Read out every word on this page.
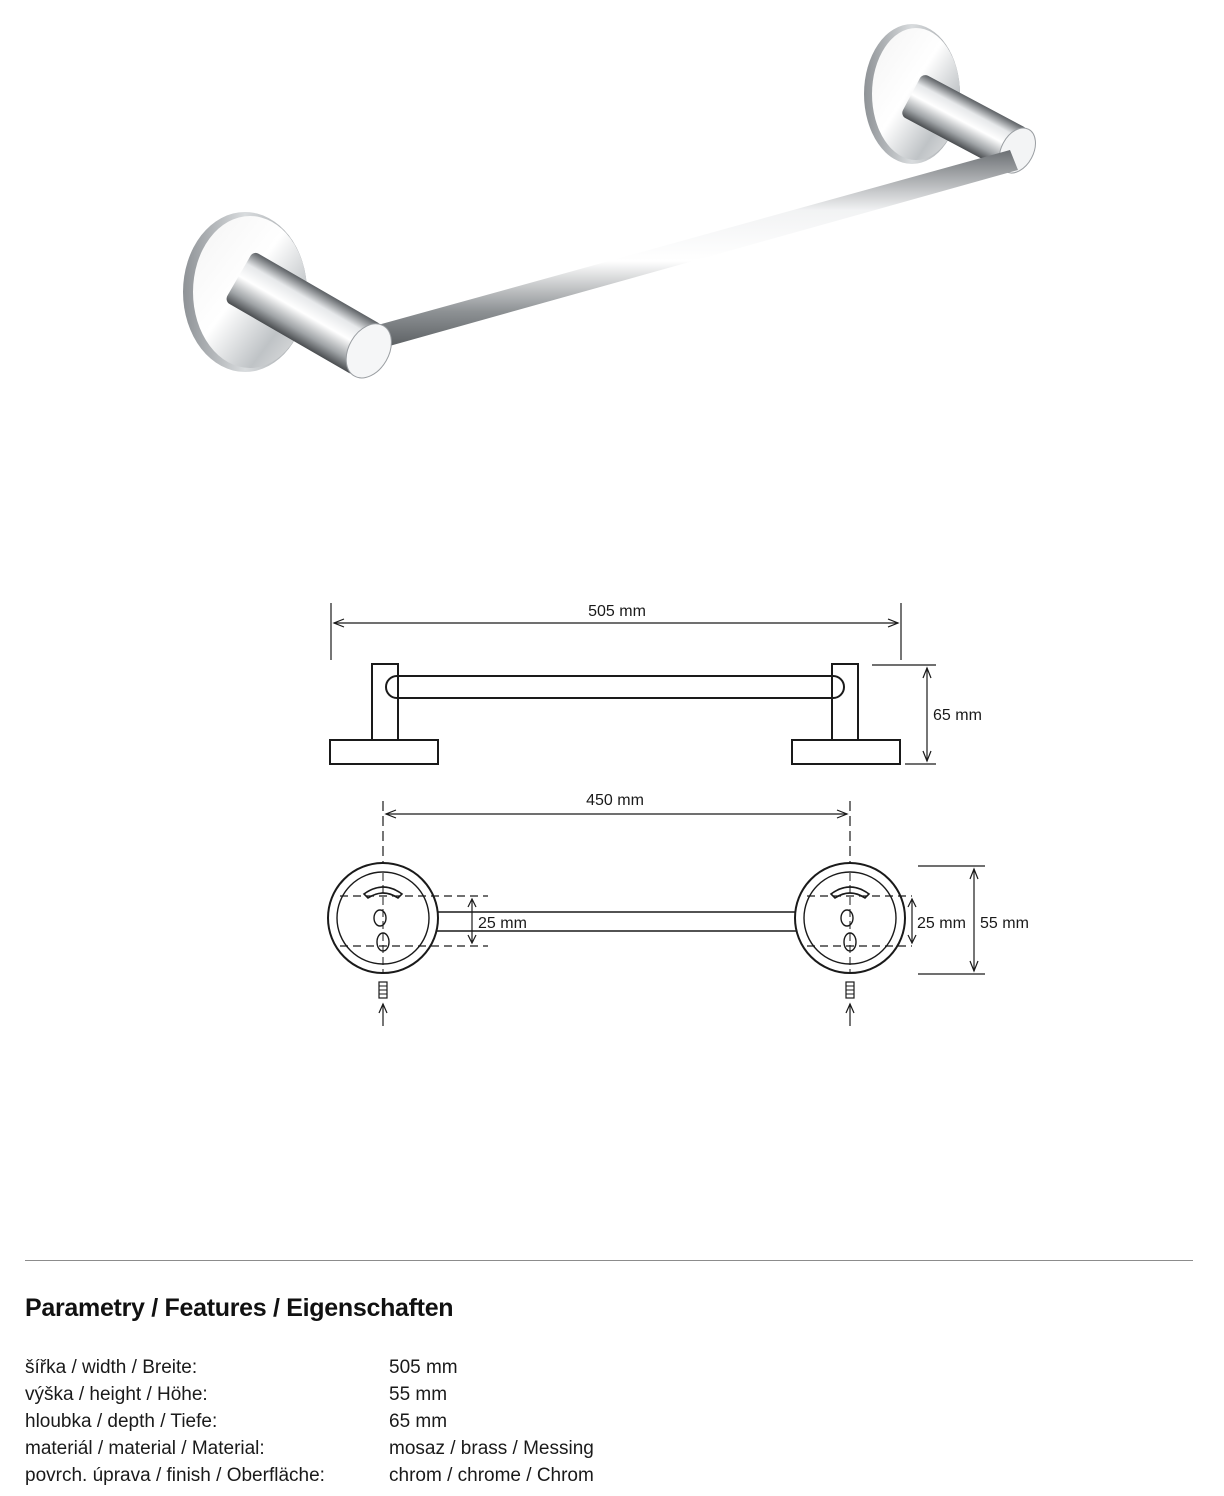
505 mm
65 mm
450 mm
25 mm	25 mm 55 mm
Parametry / Features / Eigenschaften
šířka / width / Breite:	505 mm
výška / height / Höhe:	55 mm
hloubka / depth / Tiefe:	65 mm
materiál / material / Material:	mosaz / brass / Messing
povrch. úprava / finish / Oberfläche:	chrom / chrome / Chrom
